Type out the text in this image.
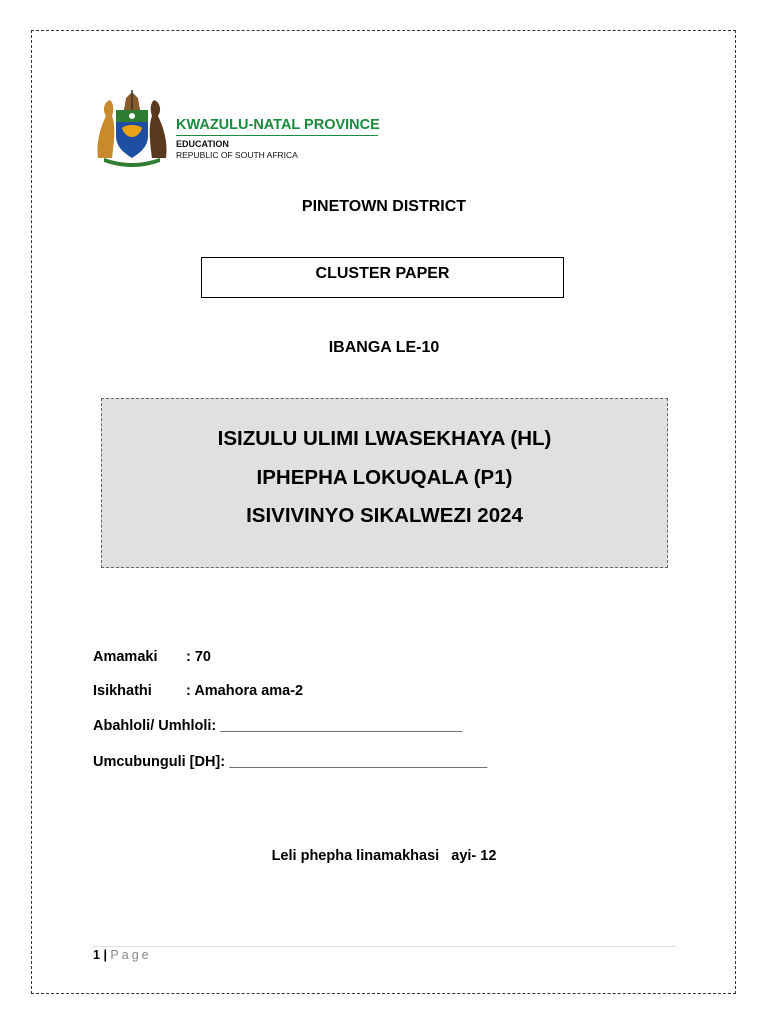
KWAZULU-NATAL PROVINCE
EDUCATION
REPUBLIC OF SOUTH AFRICA
PINETOWN DISTRICT
CLUSTER PAPER
IBANGA LE-10
ISIZULU ULIMI LWASEKHAYA (HL)
IPHEPHA LOKUQALA (P1)
ISIVIVINYO SIKALWEZI 2024
Amamaki : 70
Isikhathi : Amahora ama-2
Abahloli/ Umhloli: ______________________________
Umcubunguli [DH]: ________________________________
Leli phepha linamakhasi   ayi- 12
1 | Page
